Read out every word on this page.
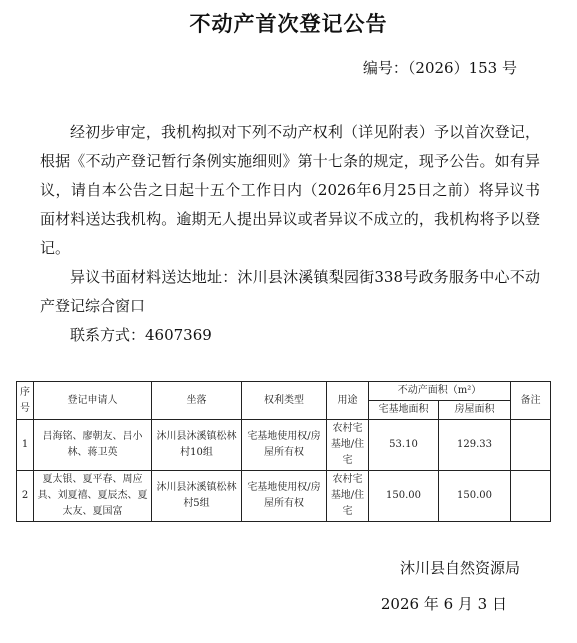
不动产首次登记公告
编号：（2026）153 号

经初步审定，我机构拟对下列不动产权利（详见附表）予以首次登记，根据《不动产登记暂行条例实施细则》第十七条的规定，现予公告。如有异议，请自本公告之日起十五个工作日内（2026年6月25日之前）将异议书面材料送达我机构。逾期无人提出异议或者异议不成立的，我机构将予以登记。

异议书面材料送达地址：沐川县沐溪镇梨园街338号政务服务中心不动产登记综合窗口

联系方式：4607369

序号	登记申请人	坐落	权利类型	用途	不动产面积（m²）		备注
					宅基地面积	房屋面积	
1	吕海铭、廖朝友、吕小林、蒋卫英	沐川县沐溪镇松林村10组	宅基地使用权/房屋所有权	农村宅基地/住宅	53.10	129.33	
2	夏太银、夏平春、周应具、刘夏禧、夏辰杰、夏太友、夏国富	沐川县沐溪镇松林村5组	宅基地使用权/房屋所有权	农村宅基地/住宅	150.00	150.00	
沐川县自然资源局
2026 年 6 月 3 日
